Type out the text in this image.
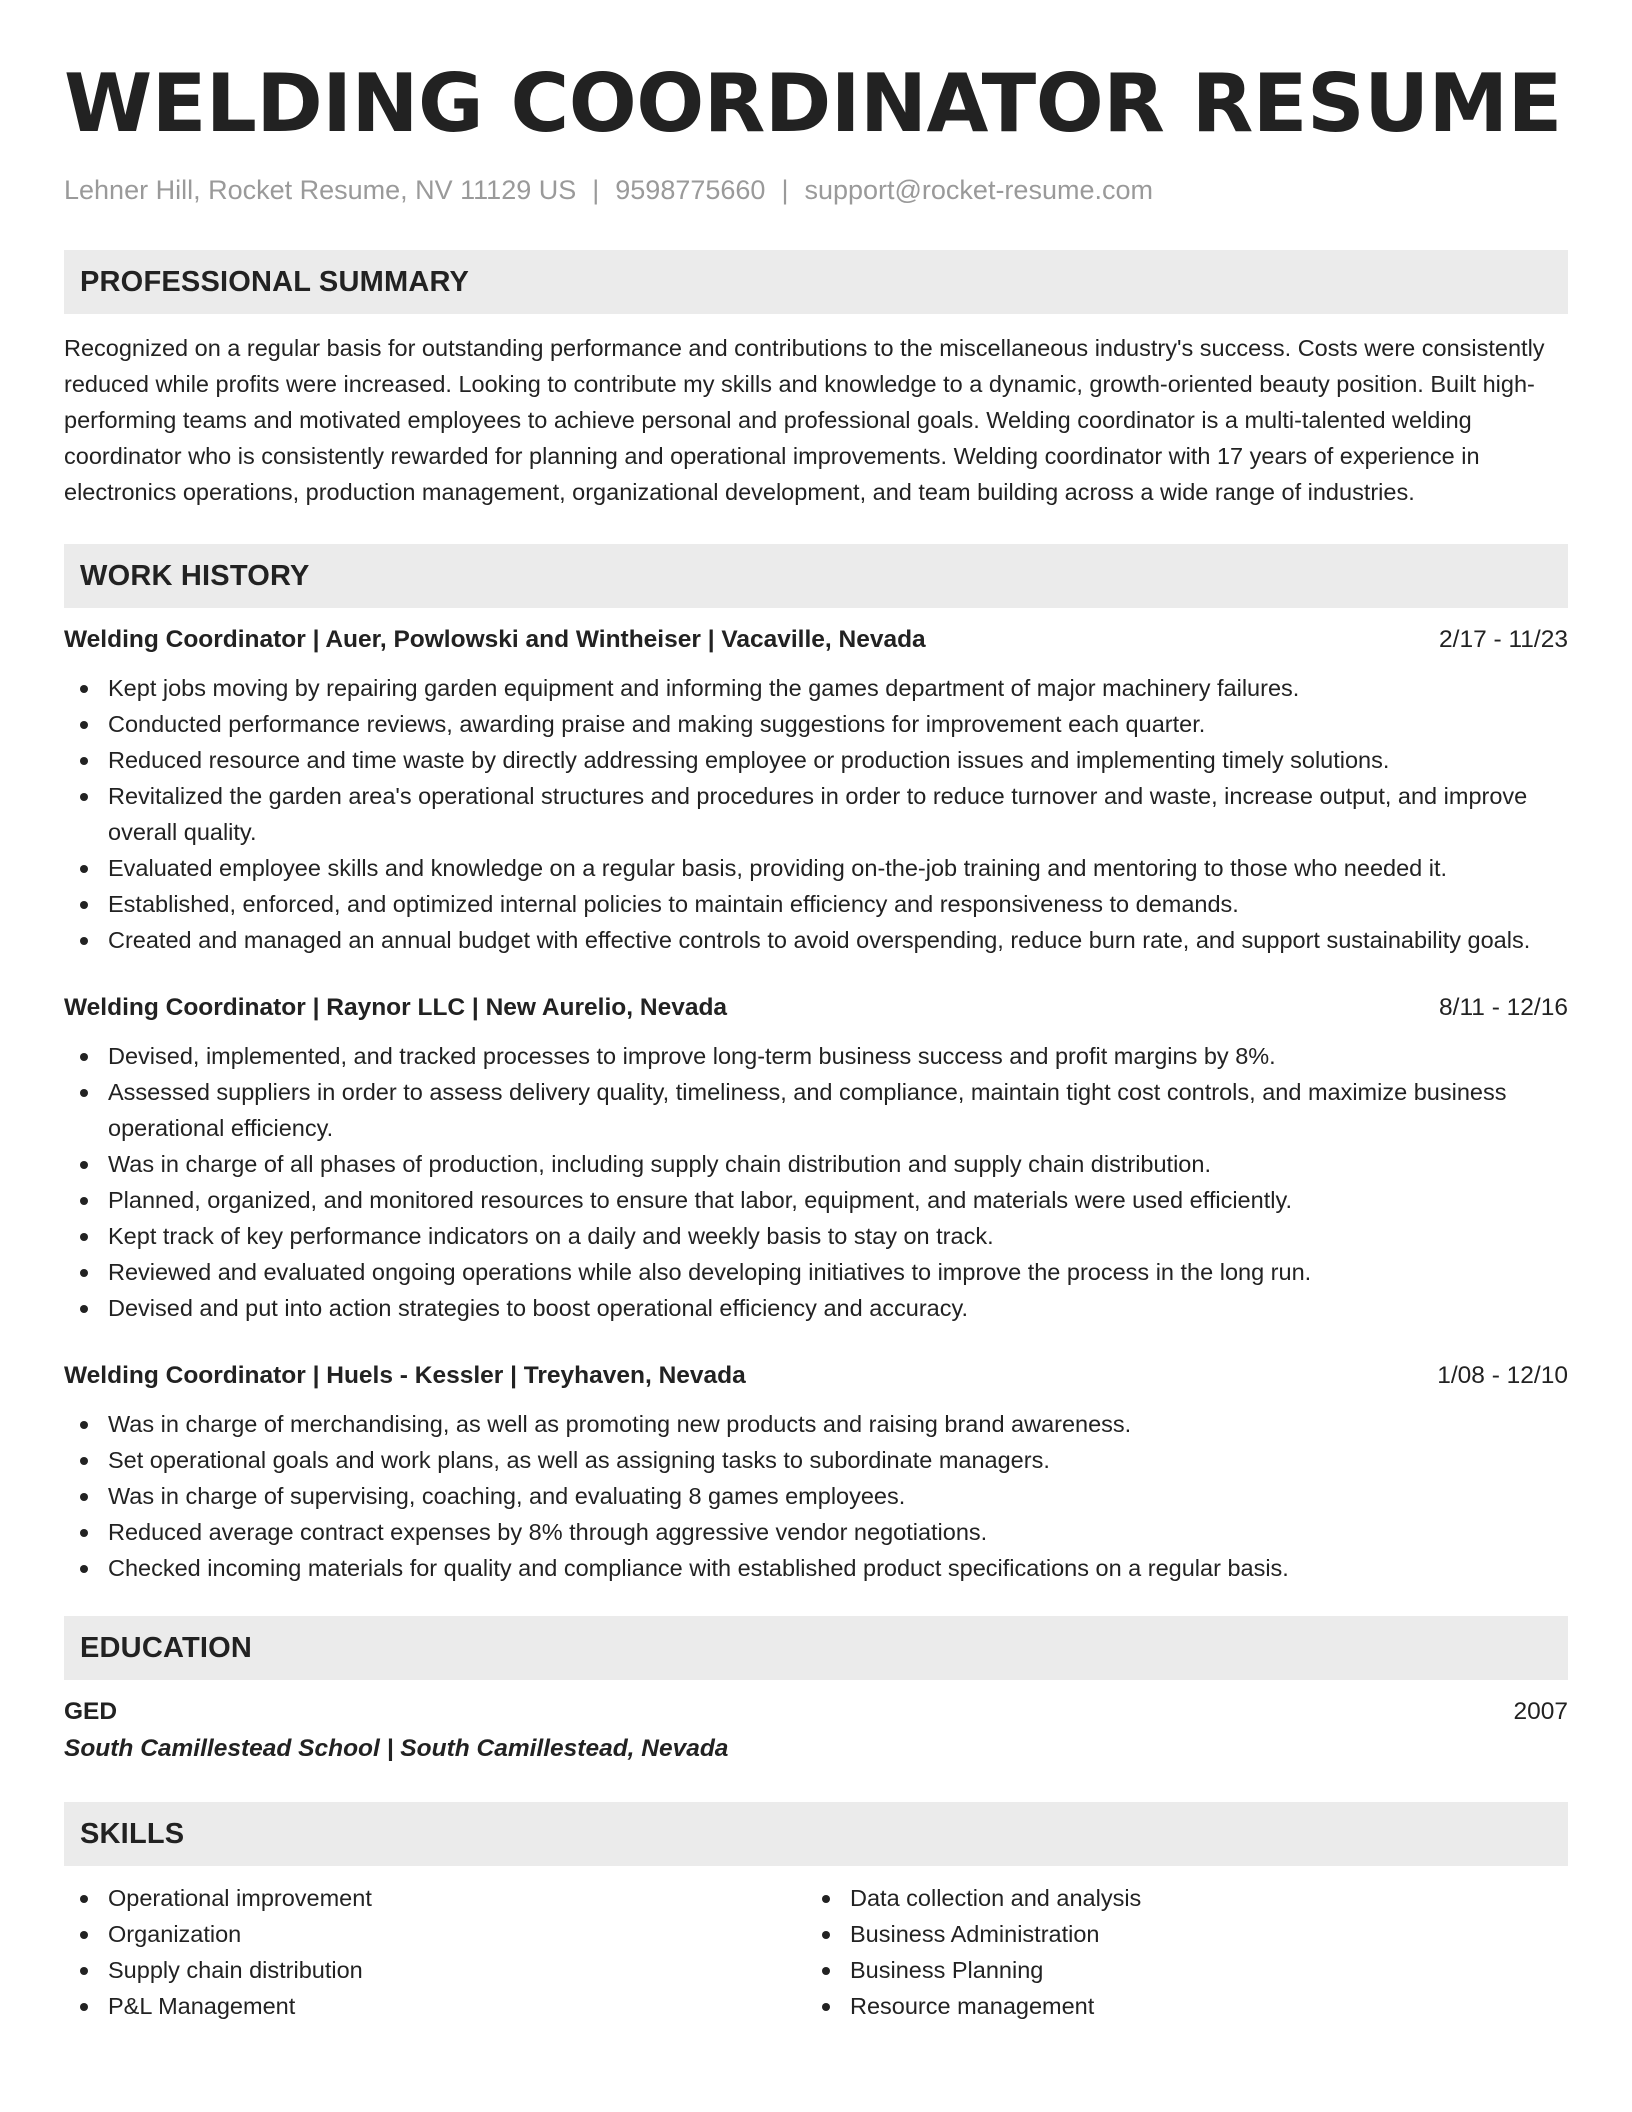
WELDING COORDINATOR RESUME
Lehner Hill, Rocket Resume, NV 11129 US | 9598775660 | support@rocket-resume.com
PROFESSIONAL SUMMARY
Recognized on a regular basis for outstanding performance and contributions to the miscellaneous industry's success. Costs were consistently reduced while profits were increased. Looking to contribute my skills and knowledge to a dynamic, growth-oriented beauty position. Built high-performing teams and motivated employees to achieve personal and professional goals. Welding coordinator is a multi-talented welding coordinator who is consistently rewarded for planning and operational improvements. Welding coordinator with 17 years of experience in electronics operations, production management, organizational development, and team building across a wide range of industries.
WORK HISTORY
Welding Coordinator | Auer, Powlowski and Wintheiser | Vacaville, Nevada	2/17 - 11/23
Kept jobs moving by repairing garden equipment and informing the games department of major machinery failures.
Conducted performance reviews, awarding praise and making suggestions for improvement each quarter.
Reduced resource and time waste by directly addressing employee or production issues and implementing timely solutions.
Revitalized the garden area's operational structures and procedures in order to reduce turnover and waste, increase output, and improve overall quality.
Evaluated employee skills and knowledge on a regular basis, providing on-the-job training and mentoring to those who needed it.
Established, enforced, and optimized internal policies to maintain efficiency and responsiveness to demands.
Created and managed an annual budget with effective controls to avoid overspending, reduce burn rate, and support sustainability goals.
Welding Coordinator | Raynor LLC | New Aurelio, Nevada	8/11 - 12/16
Devised, implemented, and tracked processes to improve long-term business success and profit margins by 8%.
Assessed suppliers in order to assess delivery quality, timeliness, and compliance, maintain tight cost controls, and maximize business operational efficiency.
Was in charge of all phases of production, including supply chain distribution and supply chain distribution.
Planned, organized, and monitored resources to ensure that labor, equipment, and materials were used efficiently.
Kept track of key performance indicators on a daily and weekly basis to stay on track.
Reviewed and evaluated ongoing operations while also developing initiatives to improve the process in the long run.
Devised and put into action strategies to boost operational efficiency and accuracy.
Welding Coordinator | Huels - Kessler | Treyhaven, Nevada	1/08 - 12/10
Was in charge of merchandising, as well as promoting new products and raising brand awareness.
Set operational goals and work plans, as well as assigning tasks to subordinate managers.
Was in charge of supervising, coaching, and evaluating 8 games employees.
Reduced average contract expenses by 8% through aggressive vendor negotiations.
Checked incoming materials for quality and compliance with established product specifications on a regular basis.
EDUCATION
GED	2007
South Camillestead School | South Camillestead, Nevada
SKILLS
Operational improvement
Organization
Supply chain distribution
P&L Management
Data collection and analysis
Business Administration
Business Planning
Resource management
